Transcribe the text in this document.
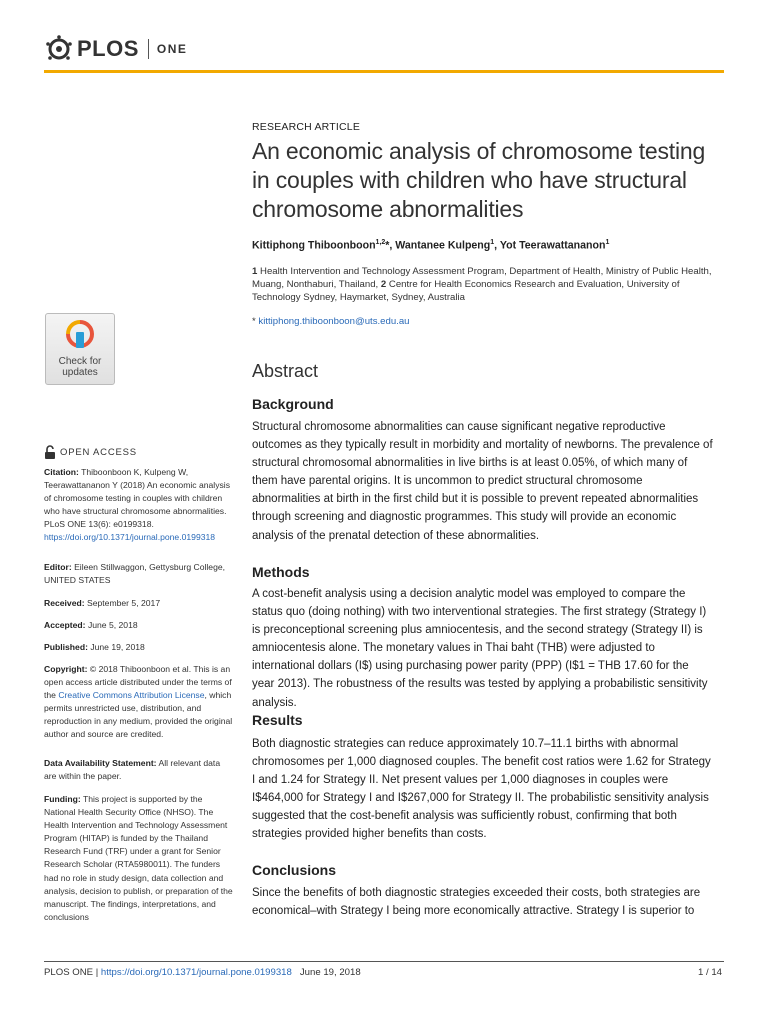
PLOS ONE
RESEARCH ARTICLE
An economic analysis of chromosome testing in couples with children who have structural chromosome abnormalities
Kittiphong Thiboonboon$^{1,2}$*, Wantanee Kulpeng$^1$, Yot Teerawattananon$^1$
1 Health Intervention and Technology Assessment Program, Department of Health, Ministry of Public Health, Muang, Nonthaburi, Thailand, 2 Centre for Health Economics Research and Evaluation, University of Technology Sydney, Haymarket, Sydney, Australia
* kittiphong.thiboonboon@uts.edu.au
Abstract
Background

Structural chromosome abnormalities can cause significant negative reproductive outcomes as they typically result in morbidity and mortality of newborns. The prevalence of structural chromosomal abnormalities in live births is at least 0.05%, of which many of them have parental origins. It is uncommon to predict structural chromosome abnormalities at birth in the first child but it is possible to prevent repeated abnormalities through screening and diagnostic programmes. This study will provide an economic analysis of the prenatal detection of these abnormalities.

Methods

A cost-benefit analysis using a decision analytic model was employed to compare the status quo (doing nothing) with two interventional strategies. The first strategy (Strategy I) is preconceptional screening plus amniocentesis, and the second strategy (Strategy II) is amniocentesis alone. The monetary values in Thai baht (THB) were adjusted to international dollars (I$) using purchasing power parity (PPP) (I$1 = THB 17.60 for the year 2013). The robustness of the results was tested by applying a probabilistic sensitivity analysis.

Results

Both diagnostic strategies can reduce approximately 10.7–11.1 births with abnormal chromosomes per 1,000 diagnosed couples. The benefit cost ratios were 1.62 for Strategy I and 1.24 for Strategy II. Net present values per 1,000 diagnoses in couples were I$464,000 for Strategy I and I$267,000 for Strategy II. The probabilistic sensitivity analysis suggested that the cost-benefit analysis was sufficiently robust, confirming that both strategies provided higher benefits than costs.

Conclusions

Since the benefits of both diagnostic strategies exceeded their costs, both strategies are economical–with Strategy I being more economically attractive. Strategy I is superior to

Check for updates
OPEN ACCESS

Citation: Thiboonboon K, Kulpeng W, Teerawattananon Y (2018) An economic analysis of chromosome testing in couples with children who have structural chromosome abnormalities. PLoS ONE 13(6): e0199318. https://doi.org/10.1371/journal.pone.0199318

Editor: Eileen Stillwaggon, Gettysburg College, UNITED STATES

Received: September 5, 2017

Accepted: June 5, 2018

Published: June 19, 2018

Copyright: © 2018 Thiboonboon et al. This is an open access article distributed under the terms of the Creative Commons Attribution License, which permits unrestricted use, distribution, and reproduction in any medium, provided the original author and source are credited.

Data Availability Statement: All relevant data are within the paper.

Funding: This project is supported by the National Health Security Office (NHSO). The Health Intervention and Technology Assessment Program (HITAP) is funded by the Thailand Research Fund (TRF) under a grant for Senior Research Scholar (RTA5980011). The funders had no role in study design, data collection and analysis, decision to publish, or preparation of the manuscript. The findings, interpretations, and conclusions

PLOS ONE | https://doi.org/10.1371/journal.pone.0199318 June 19, 2018	1 / 14
